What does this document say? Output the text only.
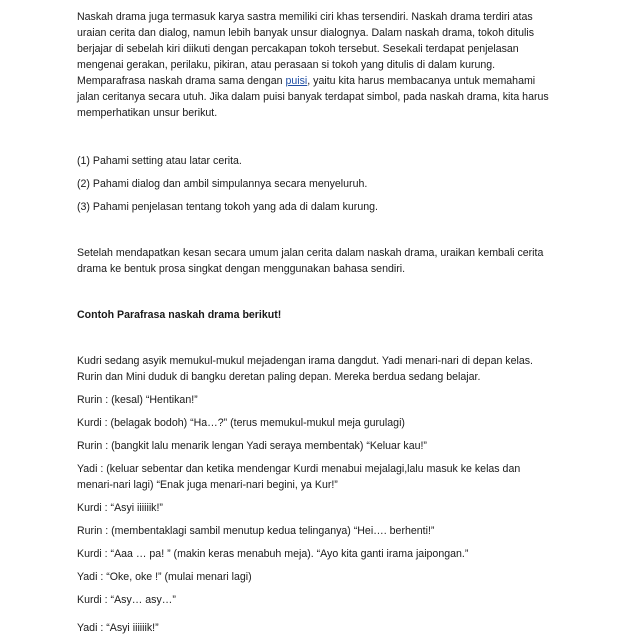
Naskah drama juga termasuk karya sastra memiliki ciri khas tersendiri. Naskah drama terdiri atas

uraian cerita dan dialog, namun lebih banyak unsur dialognya. Dalam naskah drama, tokoh ditulis

berjajar di sebelah kiri diikuti dengan percakapan tokoh tersebut. Sesekali terdapat penjelasan

mengenai gerakan, perilaku, pikiran, atau perasaan si tokoh yang ditulis di dalam kurung.

Memparafrasa naskah drama sama dengan puisi, yaitu kita harus membacanya untuk memahami

jalan ceritanya secara utuh. Jika dalam puisi banyak terdapat simbol, pada naskah drama, kita harus

memperhatikan unsur berikut.

(1) Pahami setting atau latar cerita.

(2) Pahami dialog dan ambil simpulannya secara menyeluruh.

(3) Pahami penjelasan tentang tokoh yang ada di dalam kurung.

Setelah mendapatkan kesan secara umum jalan cerita dalam naskah drama, uraikan kembali cerita

drama ke bentuk prosa singkat dengan menggunakan bahasa sendiri.

Contoh Parafrasa naskah drama berikut!

Kudri sedang asyik memukul-mukul mejadengan irama dangdut. Yadi menari-nari di depan kelas.

Rurin dan Mini duduk di bangku deretan paling depan. Mereka berdua sedang belajar.

Rurin : (kesal) “Hentikan!”

Kurdi : (belagak bodoh) “Ha…?” (terus memukul-mukul meja gurulagi)

Rurin : (bangkit lalu menarik lengan Yadi seraya membentak) “Keluar kau!”

Yadi : (keluar sebentar dan ketika mendengar Kurdi menabui mejalagi,lalu masuk ke kelas dan

menari-nari lagi) “Enak juga menari-nari begini, ya Kur!”

Kurdi : “Asyi iiiiiik!”

Rurin : (membentaklagi sambil menutup kedua telinganya) “Hei…. berhenti!”

Kurdi : “Aaa … pa! ” (makin keras menabuh meja). “Ayo kita ganti irama jaipongan.”

Yadi : “Oke, oke !” (mulai menari lagi)

Kurdi : “Asy… asy…”

Yadi : “Asyi iiiiiik!”
